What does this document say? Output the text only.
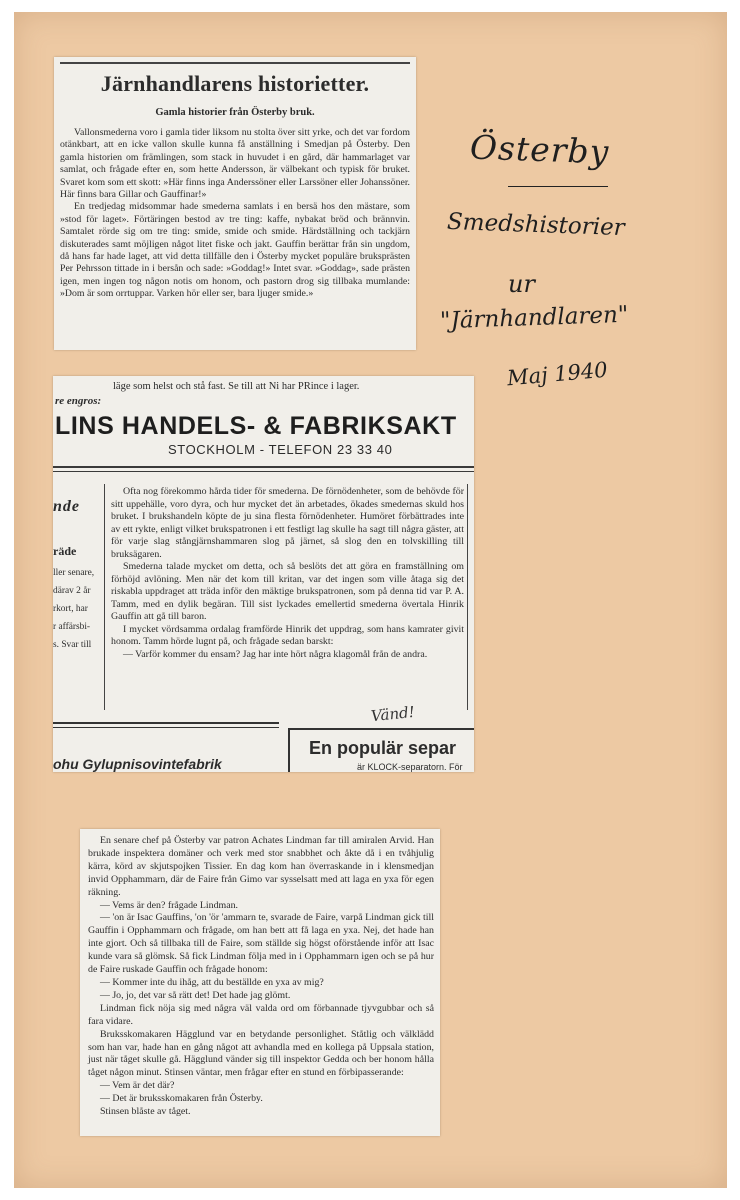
Järnhandlarens historietter.
Gamla historier från Österby bruk.

Vallonsmederna voro i gamla tider liksom nu stolta över sitt yrke, och det var fordom otänkbart, att en icke vallon skulle kunna få anställning i Smedjan på Österby. Den gamla historien om främlingen, som stack in huvudet i en gård, där hammarlaget var samlat, och frågade efter en, som hette Andersson, är välbekant och typisk för bruket. Svaret kom som ett skott: »Här finns inga Anderssöner eller Larssöner eller Johanssöner. Här finns bara Gillar och Gauffinar!»

En tredjedag midsommar hade smederna samlats i en bersä hos den mästare, som »stod för laget». Förtäringen bestod av tre ting: kaffe, nybakat bröd och brännvin. Samtalet rörde sig om tre ting: smide, smide och smide. Härdställning och tackjärn diskuterades samt möjligen något litet fiske och jakt. Gauffin berättar från sin ungdom, då hans far hade laget, att vid detta tillfälle den i Österby mycket populäre bruksprästen Per Pehrsson tittade in i bersån och sade: »Goddag!» Intet svar. »Goddag», sade prästen igen, men ingen tog någon notis om honom, och pastorn drog sig tillbaka mumlande: »Dom är som orrtuppar. Varken hör eller ser, bara ljuger smide.»

läge som helst och stå fast. Se till att Ni har PRince i lager.
re engros:
LINS HANDELS- & FABRIKSAKT
STOCKHOLM - TELEFON 23 33 40
nde
räde
ller senare,
därav 2 år
rkort, har
r affärsbi-
s. Svar till

Ofta nog förekommo hårda tider för smederna. De förnödenheter, som de behövde för sitt uppehälle, voro dyra, och hur mycket det än arbetades, ökades smedernas skuld hos bruket. I brukshandeln köpte de ju sina flesta förnödenheter. Humöret förbättrades inte av ett rykte, enligt vilket brukspatronen i ett festligt lag skulle ha sagt till några gäster, att för varje slag stångjärnshammaren slog på järnet, så slog den en tolvskilling till bruksägaren.

Smederna talade mycket om detta, och så beslöts det att göra en framställning om förhöjd avlöning. Men när det kom till kritan, var det ingen som ville åtaga sig det riskabla uppdraget att träda inför den mäktige brukspatronen, som på denna tid var P. A. Tamm, med en dylik begäran. Till sist lyckades emellertid smederna övertala Hinrik Gauffin att gå till baron.

I mycket vördsamma ordalag framförde Hinrik det uppdrag, som hans kamrater givit honom. Tamm hörde lugnt på, och frågade sedan barskt:

— Varför kommer du ensam? Jag har inte hört några klagomål från de andra.

Vänd!
ohu Gylupnisovintefabrik
En populär separ
är KLOCK-separatorn. För

En senare chef på Österby var patron Achates Lindman far till amiralen Arvid. Han brukade inspektera domäner och verk med stor snabbhet och åkte då i en tvåhjulig kärra, körd av skjutspojken Tissier. En dag kom han överraskande in i klensmedjan invid Opphammarn, där de Faire från Gimo var sysselsatt med att laga en yxa för egen räkning.

— Vems är den? frågade Lindman.

— 'on är Isac Gauffins, 'on 'ör 'ammarn te, svarade de Faire, varpå Lindman gick till Gauffin i Opphammarn och frågade, om han bett att få laga en yxa. Nej, det hade han inte gjort. Och så tillbaka till de Faire, som ställde sig högst oförstående inför att Isac kunde vara så glömsk. Så fick Lindman följa med in i Opphammarn igen och se på hur de Faire ruskade Gauffin och frågade honom:

— Kommer inte du ihåg, att du beställde en yxa av mig?

— Jo, jo, det var så rätt det! Det hade jag glömt.

Lindman fick nöja sig med några väl valda ord om förbannade tjyvgubbar och så fara vidare.

Bruksskomakaren Hägglund var en betydande personlighet. Ståtlig och välklädd som han var, hade han en gång något att avhandla med en kollega på Uppsala station, just när tåget skulle gå. Hägglund vänder sig till inspektor Gedda och ber honom hålla tåget någon minut. Stinsen väntar, men frågar efter en stund en förbipasserande:

— Vem är det där?

— Det är bruksskomakaren från Österby.

Stinsen blåste av tåget.

Österby
Smedshistorier
ur
"Järnhandlaren"
Maj 1940
